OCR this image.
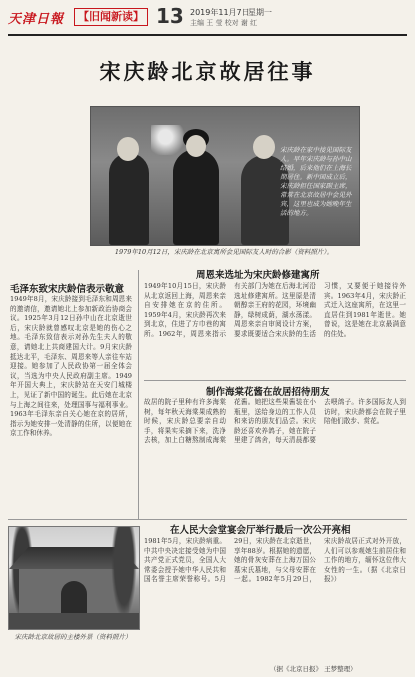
天津日報	【旧闻新读】 13 2019年11月7日
星期一
主编 王 莹 校对 谢 红
宋庆龄北京故居往事
宋庆龄在家中接见国际友人。早年宋庆龄与孙中山结婚，后来他们在上海长期居住。新中国成立后，宋庆龄担任国家副主席，常常在北京故居中会见外宾，这里也成为她晚年生活的地方。
1979年10月12日，宋庆龄在北京寓所会见国际友人时的合影（资料照片）。
毛泽东致宋庆龄信表示敬意
1949年8月，宋庆龄接到毛泽东和周恩来的邀请信，邀请她北上参加新政治协商会议。1925年3月12日孙中山在北京逝世后，宋庆龄就曾感叹北京是她的伤心之地。毛泽东致信表示对孙先生夫人的敬意，请她北上共商建国大计。9月宋庆龄抵达北平，毛泽东、周恩来等人亲往车站迎接。她参加了人民政协第一届全体会议，当选为中央人民政府副主席。1949年开国大典上，宋庆龄站在天安门城楼上，见证了新中国的诞生。此后她在北京与上海之间往来，处理国事与福利事业。1963年毛泽东亲自关心她在京的居所，指示为她安排一处清静的住所，以便她在京工作和休养。
周恩来选址为宋庆龄修建寓所
1949年10月15日，宋庆龄从北京返回上海，周恩来亲自安排她在京的住所。1959年4月，宋庆龄再次来到北京，住进了方巾巷的寓所。1962年，周恩来指示有关部门为她在后海北河沿选址修建寓所。这里原是清朝醇亲王府的花园，环境幽静，绿树成荫，湖水荡漾。周恩来亲自审阅设计方案，要求既要适合宋庆龄的生活习惯，又要便于她接待外宾。1963年4月，宋庆龄正式迁入这座寓所，在这里一直居住到1981年逝世。她曾说，这是她在北京最满意的住处。
制作海棠花酱在故居招待朋友
故居的院子里种有许多海棠树，每年秋天海棠果成熟的时候，宋庆龄总要亲自动手，将果实采摘下来，洗净去核，加上白糖熬制成海棠花酱。她把这些果酱装在小瓶里，送给身边的工作人员和来访的朋友们品尝。宋庆龄还喜欢养鸽子，她在院子里建了鸽舍，每天清晨都要去喂鸽子。许多国际友人到访时，宋庆龄都会在院子里陪他们散步、赏花。
在人民大会堂宴会厅举行最后一次公开亮相
1981年5月，宋庆龄病重。中共中央决定接受她为中国共产党正式党员，全国人大常委会授予她中华人民共和国名誉主席荣誉称号。5月29日，宋庆龄在北京逝世，享年88岁。根据她的遗愿，她的骨灰安葬在上海万国公墓宋氏墓地，与父母安葬在一起。1982年5月29日，宋庆龄故居正式对外开放，人们可以参观她生前居住和工作的地方，缅怀这位伟大女性的一生。（据《北京日报》）
宋庆龄北京故居的主楼外景（资料照片）
（据《北京日报》 王梦整理）
